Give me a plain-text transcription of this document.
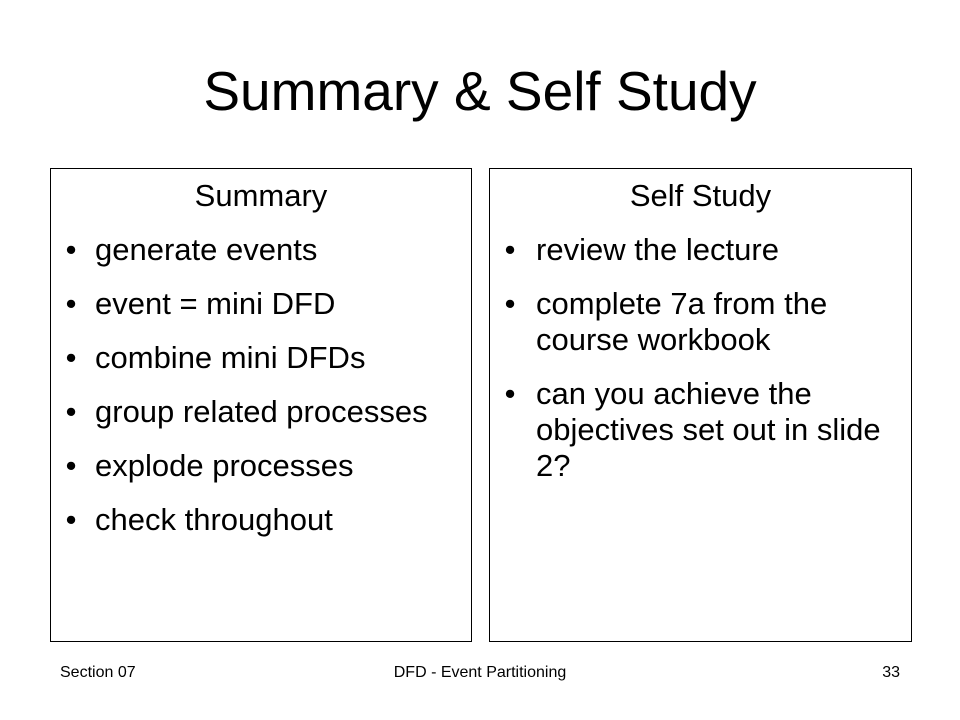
Summary & Self Study
Summary
• generate events
• event = mini DFD
• combine mini DFDs
• group related processes
• explode processes
• check throughout
Self Study
• review the lecture
• complete 7a from the course workbook
• can you achieve the objectives set out in slide 2?
Section 07	DFD - Event Partitioning	33
